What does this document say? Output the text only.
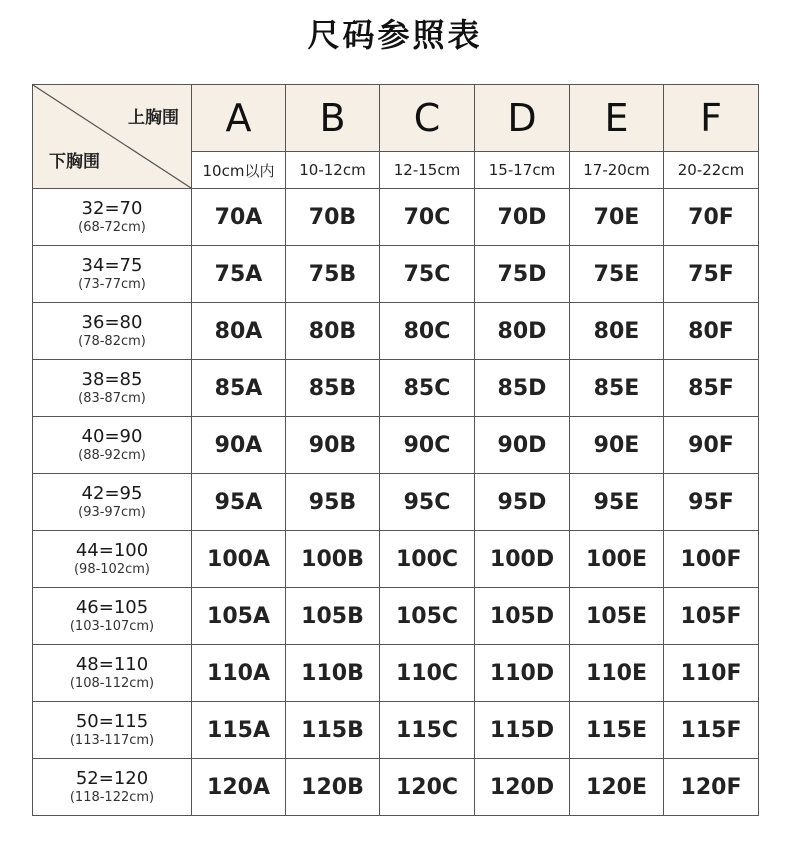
尺码参照表
上胸围
下胸围	A	B	C	D	E	F
	10cm以内	10-12cm	12-15cm	15-17cm	17-20cm	20-22cm

32=70
(68-72cm)	70A	70B	70C	70D	70E	70F

34=75
(73-77cm)	75A	75B	75C	75D	75E	75F

36=80
(78-82cm)	80A	80B	80C	80D	80E	80F

38=85
(83-87cm)	85A	85B	85C	85D	85E	85F

40=90
(88-92cm)	90A	90B	90C	90D	90E	90F

42=95
(93-97cm)	95A	95B	95C	95D	95E	95F

44=100
(98-102cm)	100A	100B	100C	100D	100E	100F

46=105
(103-107cm)	105A	105B	105C	105D	105E	105F

48=110
(108-112cm)	110A	110B	110C	110D	110E	110F

50=115
(113-117cm)	115A	115B	115C	115D	115E	115F

52=120
(118-122cm)	120A	120B	120C	120D	120E	120F
